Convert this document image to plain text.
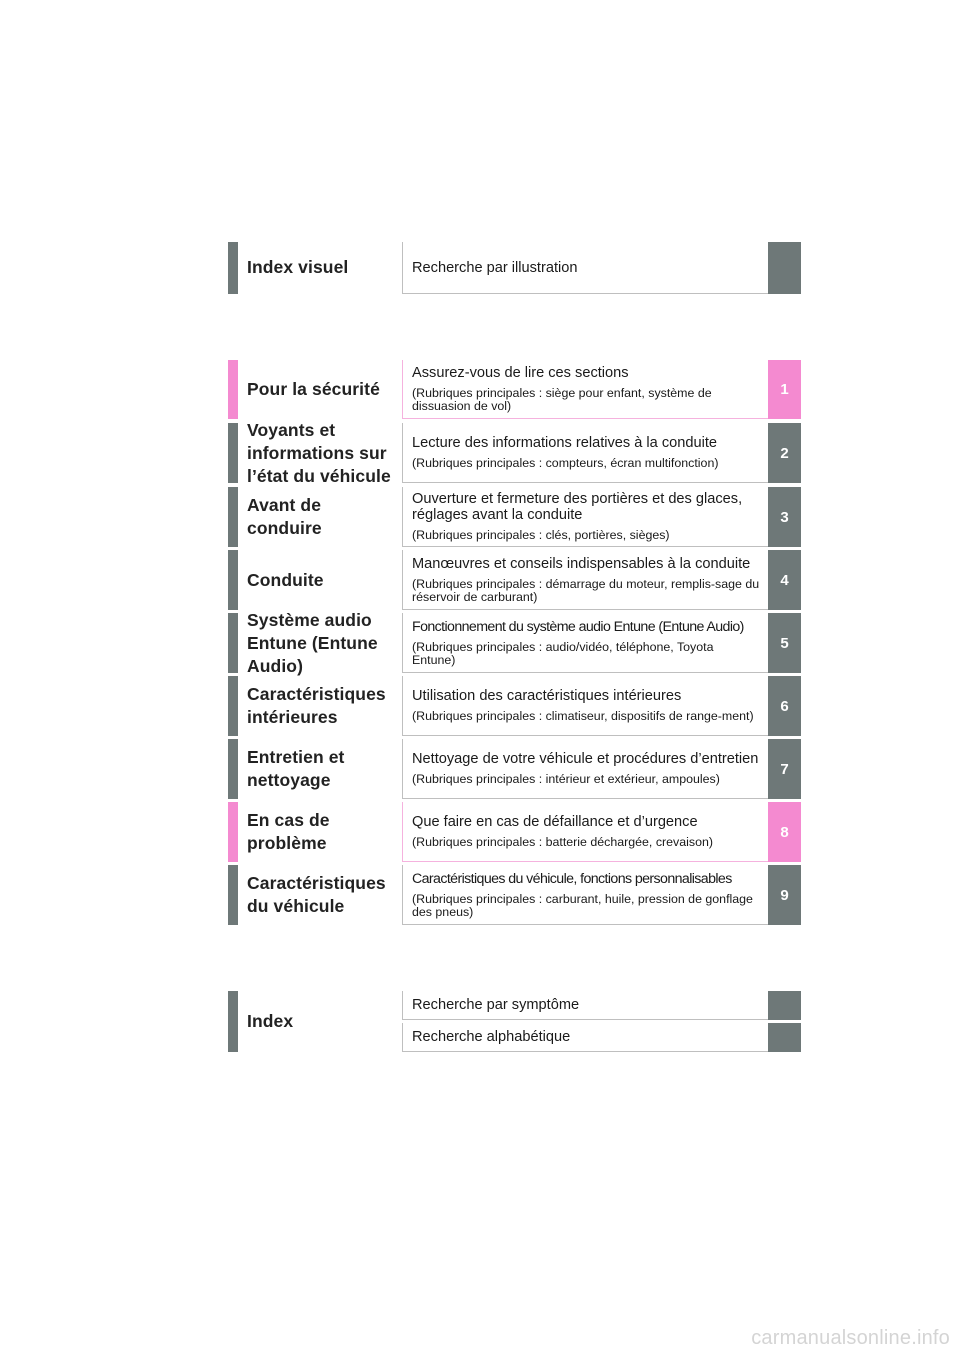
Index visuel	Recherche par illustration
Pour la sécurité
Assurez-vous de lire ces sections
(Rubriques principales : siège pour enfant, système de dissuasion de vol)
1
Voyants et informations sur l’état du véhicule
Lecture des informations relatives à la conduite
(Rubriques principales : compteurs, écran multifonction)
2
Avant de conduire
Ouverture et fermeture des portières et des glaces, réglages avant la conduite
(Rubriques principales : clés, portières, sièges)
3
Conduite
Manœuvres et conseils indispensables à la conduite
(Rubriques principales : démarrage du moteur, remplis-sage du réservoir de carburant)
4
Système audio Entune (Entune Audio)
Fonctionnement du système audio Entune (Entune Audio)
(Rubriques principales : audio/vidéo, téléphone, Toyota Entune)
5
Caractéristiques intérieures
Utilisation des caractéristiques intérieures
(Rubriques principales : climatiseur, dispositifs de range-ment)
6
Entretien et nettoyage
Nettoyage de votre véhicule et procédures d’entretien
(Rubriques principales : intérieur et extérieur, ampoules)
7
En cas de problème
Que faire en cas de défaillance et d’urgence
(Rubriques principales : batterie déchargée, crevaison)
8
Caractéristiques du véhicule
Caractéristiques du véhicule, fonctions personnalisables
(Rubriques principales : carburant, huile, pression de gonflage des pneus)
9
Index
Recherche par symptôme
Recherche alphabétique
carmanualsonline.info
